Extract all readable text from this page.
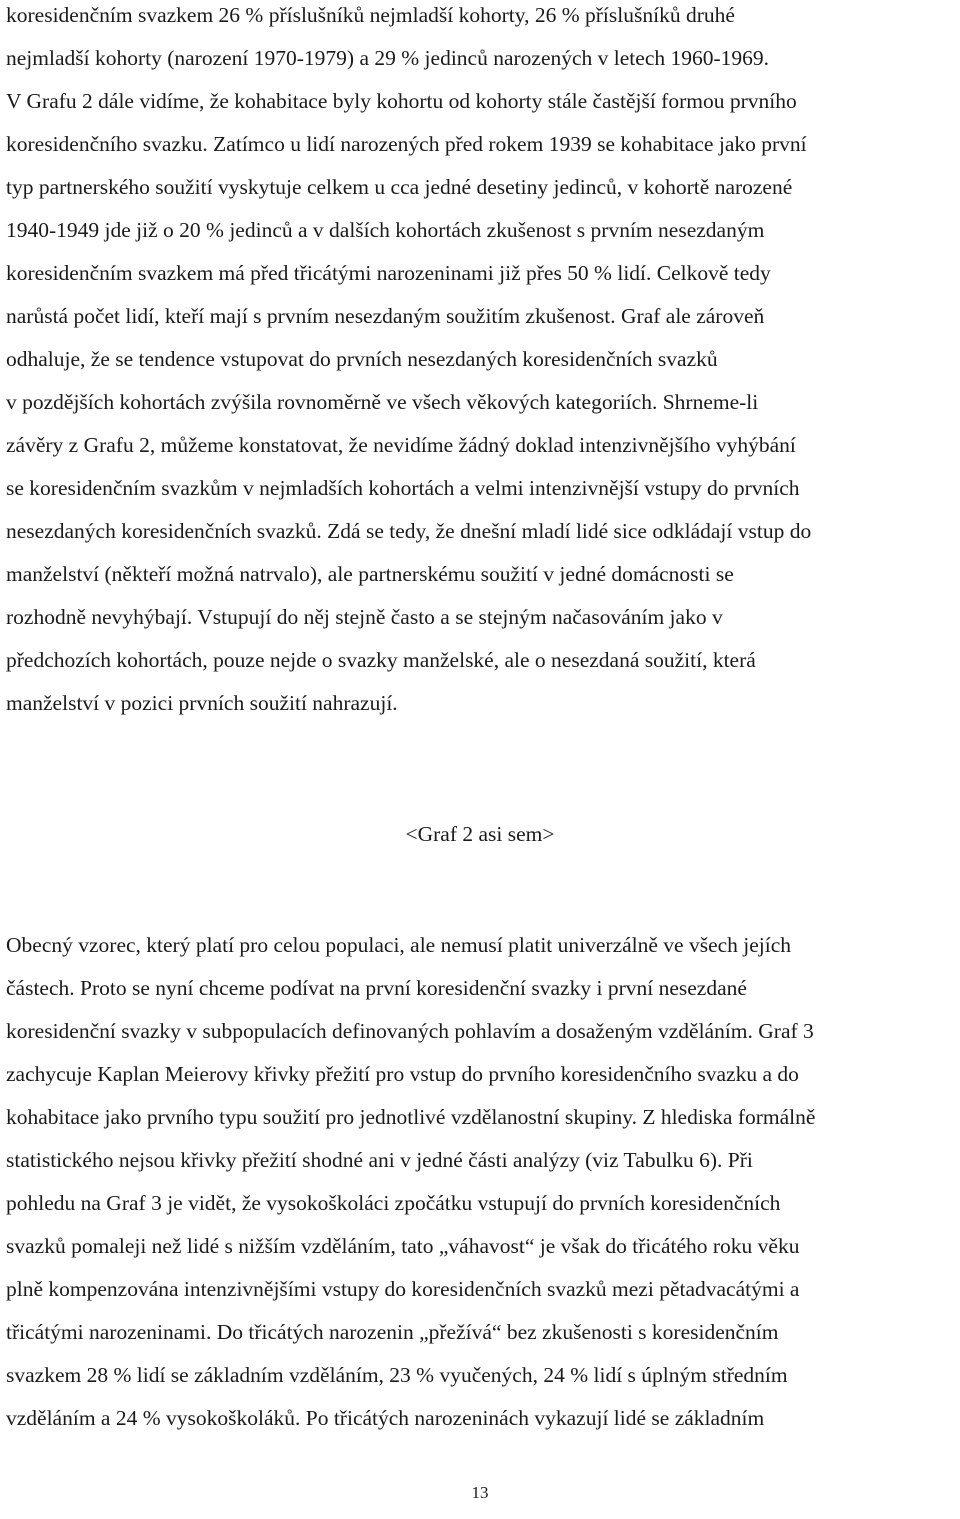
koresidenčním svazkem 26 % příslušníků nejmladší kohorty, 26 % příslušníků druhé

nejmladší kohorty (narození 1970-1979) a 29 % jedinců narozených v letech 1960-1969.

V Grafu 2 dále vidíme, že kohabitace byly kohortu od kohorty stále častější formou prvního

koresidenčního svazku. Zatímco u lidí narozených před rokem 1939 se kohabitace jako první

typ partnerského soužití vyskytuje celkem u cca jedné desetiny jedinců, v kohortě narozené

1940-1949 jde již o 20 % jedinců a v dalších kohortách zkušenost s prvním nesezdaným

koresidenčním svazkem má před třicátými narozeninami již přes 50 % lidí. Celkově tedy

narůstá počet lidí, kteří mají s prvním nesezdaným soužitím zkušenost. Graf ale zároveň

odhaluje, že se tendence vstupovat do prvních nesezdaných koresidenčních svazků

v pozdějších kohortách zvýšila rovnoměrně ve všech věkových kategoriích. Shrneme-li

závěry z Grafu 2, můžeme konstatovat, že nevidíme žádný doklad intenzivnějšího vyhýbání

se koresidenčním svazkům v nejmladších kohortách a velmi intenzivnější vstupy do prvních

nesezdaných koresidenčních svazků. Zdá se tedy, že dnešní mladí lidé sice odkládají vstup do

manželství (někteří možná natrvalo), ale partnerskému soužití v jedné domácnosti se

rozhodně nevyhýbají. Vstupují do něj stejně často a se stejným načasováním jako v

předchozích kohortách, pouze nejde o svazky manželské, ale o nesezdaná soužití, která

manželství v pozici prvních soužití nahrazují.

<Graf 2 asi sem>

Obecný vzorec, který platí pro celou populaci, ale nemusí platit univerzálně ve všech jejích

částech. Proto se nyní chceme podívat na první koresidenční svazky i první nesezdané

koresidenční svazky v subpopulacích definovaných pohlavím a dosaženým vzděláním. Graf 3

zachycuje Kaplan Meierovy křivky přežití pro vstup do prvního koresidenčního svazku a do

kohabitace jako prvního typu soužití pro jednotlivé vzdělanostní skupiny. Z hlediska formálně

statistického nejsou křivky přežití shodné ani v jedné části analýzy (viz Tabulku 6). Při

pohledu na Graf 3 je vidět, že vysokoškoláci zpočátku vstupují do prvních koresidenčních

svazků pomaleji než lidé s nižším vzděláním, tato „váhavost“ je však do třicátého roku věku

plně kompenzována intenzivnějšími vstupy do koresidenčních svazků mezi pětadvacátými a

třicátými narozeninami. Do třicátých narozenin „přežívá“ bez zkušenosti s koresidenčním

svazkem 28 % lidí se základním vzděláním, 23 % vyučených, 24 % lidí s úplným středním

vzděláním a 24 % vysokoškoláků. Po třicátých narozeninách vykazují lidé se základním

13
